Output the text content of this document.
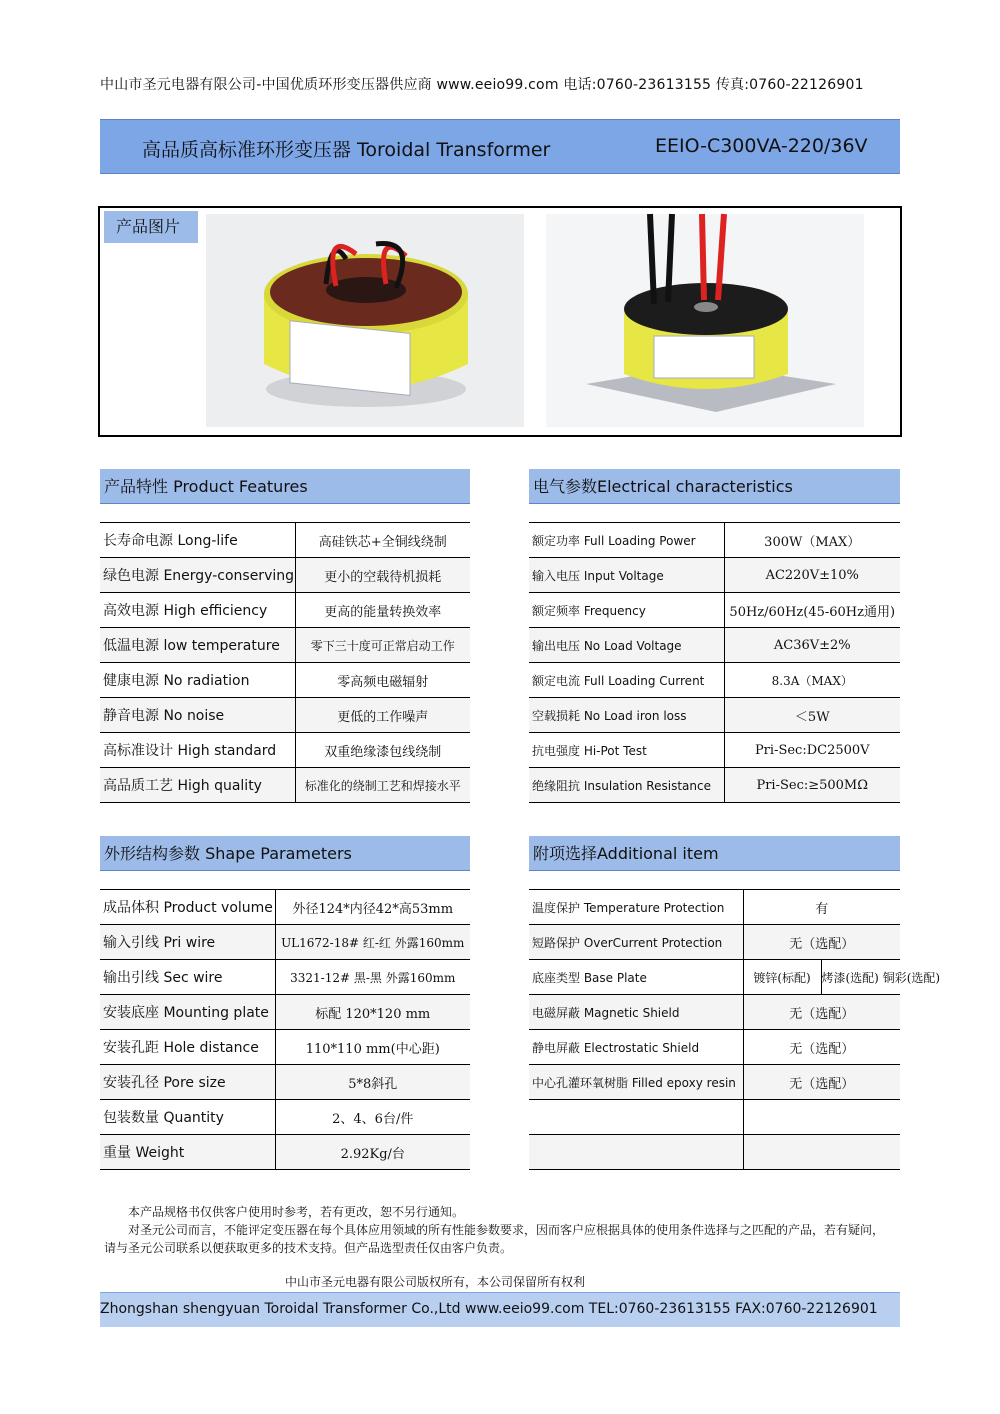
中山市圣元电器有限公司-中国优质环形变压器供应商 www.eeio99.com 电话:0760-23613155 传真:0760-22126901
高品质高标准环形变压器 Toroidal Transformer	EEIO-C300VA-220/36V
产品图片
产品特性 Product Features
长寿命电源 Long-life	高硅铁芯+全铜线绕制
绿色电源 Energy-conserving	更小的空载待机损耗
高效电源 High efficiency	更高的能量转换效率
低温电源 low temperature	零下三十度可正常启动工作
健康电源 No radiation	零高频电磁辐射
静音电源 No noise	更低的工作噪声
高标准设计 High standard	双重绝缘漆包线绕制
高品质工艺 High quality	标准化的绕制工艺和焊接水平
电气参数Electrical characteristics
额定功率 Full Loading Power	300W（MAX）
输入电压 Input Voltage	AC220V±10%
额定频率 Frequency	50Hz/60Hz(45-60Hz通用)
输出电压 No Load Voltage	AC36V±2%
额定电流 Full Loading Current	8.3A（MAX）
空载损耗 No Load iron loss	＜5W
抗电强度 Hi-Pot Test	Pri-Sec:DC2500V
绝缘阻抗 Insulation Resistance	Pri-Sec:≥500MΩ
外形结构参数 Shape Parameters
成品体积 Product volume	外径124*内径42*高53mm
输入引线 Pri wire	UL1672-18# 红-红 外露160mm
输出引线 Sec wire	3321-12# 黑-黑 外露160mm
安装底座 Mounting plate	标配 120*120 mm
安装孔距 Hole distance	110*110 mm(中心距)
安装孔径 Pore size	5*8斜孔
包装数量 Quantity	2、4、6台/件
重量 Weight	2.92Kg/台
附项选择Additional item
温度保护 Temperature Protection	有	
短路保护 OverCurrent Protection	无（选配）	
底座类型 Base Plate	镀锌(标配)	烤漆(选配) 铜彩(选配)
电磁屏蔽 Magnetic Shield	无（选配）	
静电屏蔽 Electrostatic Shield	无（选配）	
中心孔灌环氧树脂 Filled epoxy resin	无（选配）	

本产品规格书仅供客户使用时参考，若有更改，恕不另行通知。
对圣元公司而言，不能评定变压器在每个具体应用领域的所有性能参数要求，因而客户应根据具体的使用条件选择与之匹配的产品，若有疑问，请与圣元公司联系以便获取更多的技术支持。但产品选型责任仅由客户负责。
中山市圣元电器有限公司版权所有，本公司保留所有权利
Zhongshan shengyuan Toroidal Transformer Co.,Ltd www.eeio99.com TEL:0760-23613155 FAX:0760-22126901
